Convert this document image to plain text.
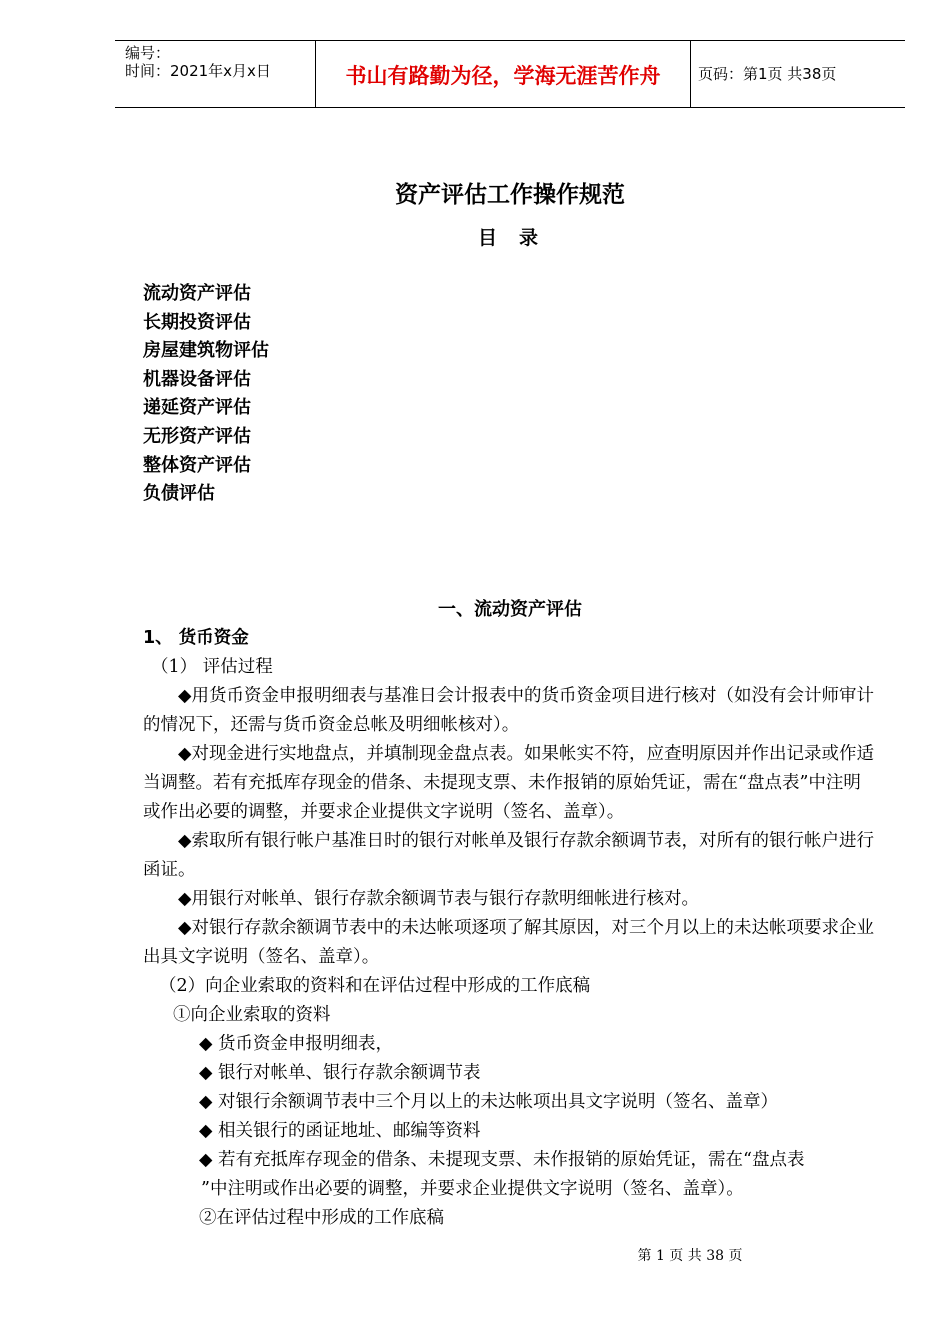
编号：
时间：2021年x月x日	书山有路勤为径，学海无涯苦作舟	页码：第1页 共38页
资产评估工作操作规范
目录
流动资产评估
长期投资评估
房屋建筑物评估
机器设备评估
递延资产评估
无形资产评估
整体资产评估
负债评估
一、流动资产评估

1、 货币资金

（1） 评估过程

◆用货币资金申报明细表与基准日会计报表中的货币资金项目进行核对（如没有会计师审计的情况下，还需与货币资金总帐及明细帐核对）。

◆对现金进行实地盘点，并填制现金盘点表。如果帐实不符，应查明原因并作出记录或作适当调整。若有充抵库存现金的借条、未提现支票、未作报销的原始凭证，需在“盘点表”中注明或作出必要的调整，并要求企业提供文字说明（签名、盖章）。

◆索取所有银行帐户基准日时的银行对帐单及银行存款余额调节表，对所有的银行帐户进行函证。

◆用银行对帐单、银行存款余额调节表与银行存款明细帐进行核对。

◆对银行存款余额调节表中的未达帐项逐项了解其原因，对三个月以上的未达帐项要求企业出具文字说明（签名、盖章）。

（2）向企业索取的资料和在评估过程中形成的工作底稿

①向企业索取的资料

◆ 货币资金申报明细表，

◆ 银行对帐单、银行存款余额调节表

◆ 对银行余额调节表中三个月以上的未达帐项出具文字说明（签名、盖章）

◆ 相关银行的函证地址、邮编等资料

◆ 若有充抵库存现金的借条、未提现支票、未作报销的原始凭证，需在“盘点表

”中注明或作出必要的调整，并要求企业提供文字说明（签名、盖章）。

②在评估过程中形成的工作底稿

第 1 页 共 38 页
